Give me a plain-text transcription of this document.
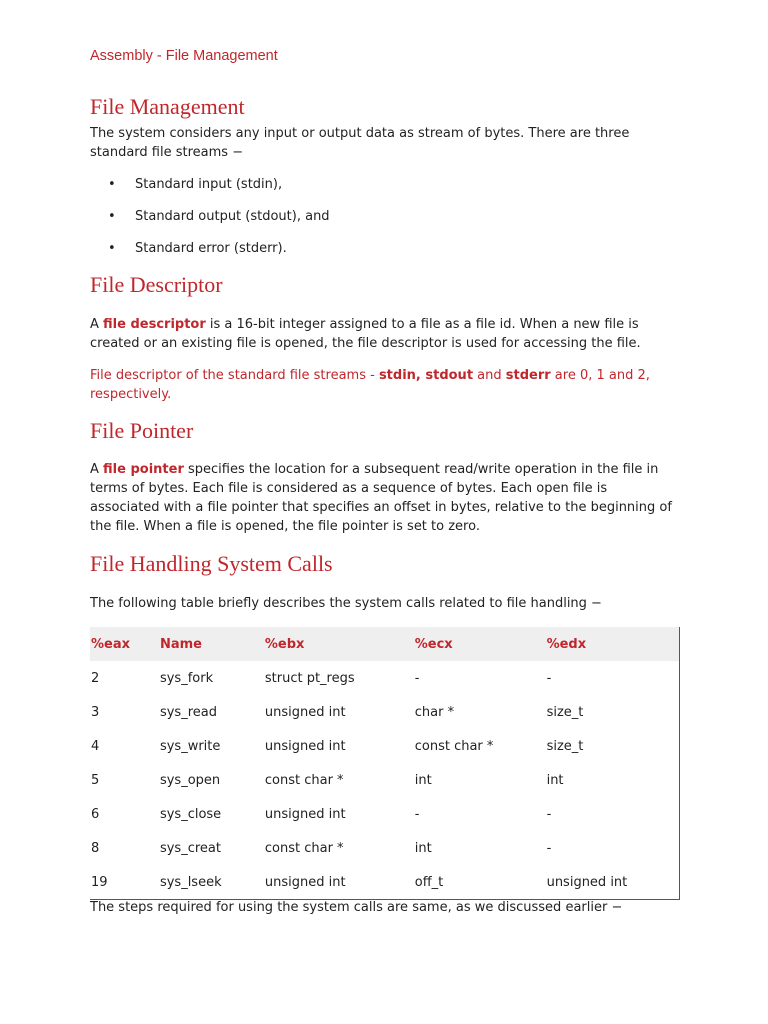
Assembly - File Management
File Management
The system considers any input or output data as stream of bytes. There are three standard file streams −
• Standard input (stdin),
• Standard output (stdout), and
• Standard error (stderr).
File Descriptor
A file descriptor is a 16-bit integer assigned to a file as a file id. When a new file is created or an existing file is opened, the file descriptor is used for accessing the file.
File descriptor of the standard file streams - stdin, stdout and stderr are 0, 1 and 2, respectively.
File Pointer
A file pointer specifies the location for a subsequent read/write operation in the file in terms of bytes. Each file is considered as a sequence of bytes. Each open file is associated with a file pointer that specifies an offset in bytes, relative to the beginning of the file. When a file is opened, the file pointer is set to zero.
File Handling System Calls
The following table briefly describes the system calls related to file handling −
%eax	Name	%ebx	%ecx	%edx
2	sys_fork	struct pt_regs	-	-
3	sys_read	unsigned int	char *	size_t
4	sys_write	unsigned int	const char *	size_t
5	sys_open	const char *	int	int
6	sys_close	unsigned int	-	-
8	sys_creat	const char *	int	-
19	sys_lseek	unsigned int	off_t	unsigned int
The steps required for using the system calls are same, as we discussed earlier −
